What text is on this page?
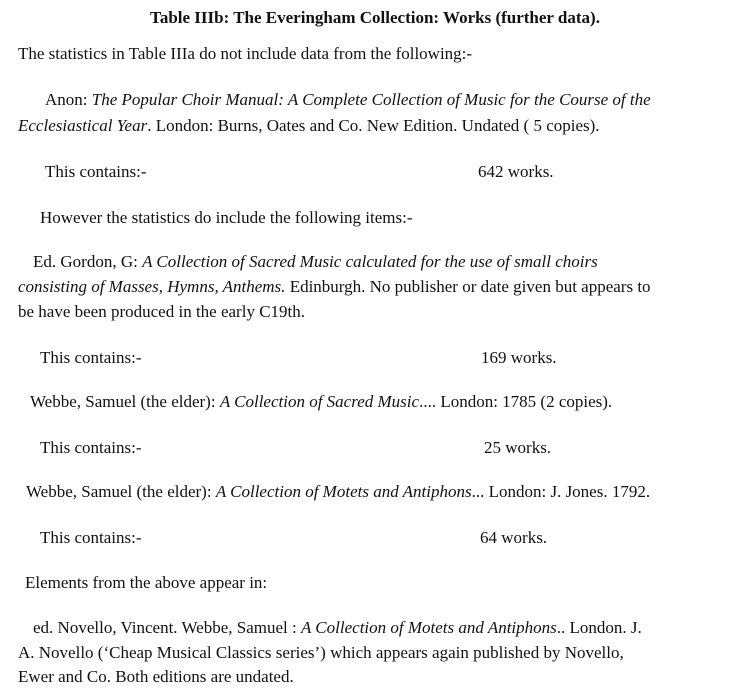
Table IIIb: The Everingham Collection: Works (further data).
The statistics in Table IIIa do not include data from the following:-
Anon: The Popular Choir Manual: A Complete Collection of Music for the Course of the
Ecclesiastical Year. London: Burns, Oates and Co. New Edition. Undated ( 5 copies).
This contains:-	642 works.
However the statistics do include the following items:-
Ed. Gordon, G: A Collection of Sacred Music calculated for the use of small choirs
consisting of Masses, Hymns, Anthems. Edinburgh. No publisher or date given but appears to
be have been produced in the early C19th.
This contains:-	169 works.
Webbe, Samuel (the elder): A Collection of Sacred Music.... London: 1785 (2 copies).
This contains:-	25 works.
Webbe, Samuel (the elder): A Collection of Motets and Antiphons... London: J. Jones. 1792.
This contains:-	64 works.
Elements from the above appear in:
ed. Novello, Vincent. Webbe, Samuel : A Collection of Motets and Antiphons.. London. J.
A. Novello (‘Cheap Musical Classics series’) which appears again published by Novello,
Ewer and Co. Both editions are undated.
